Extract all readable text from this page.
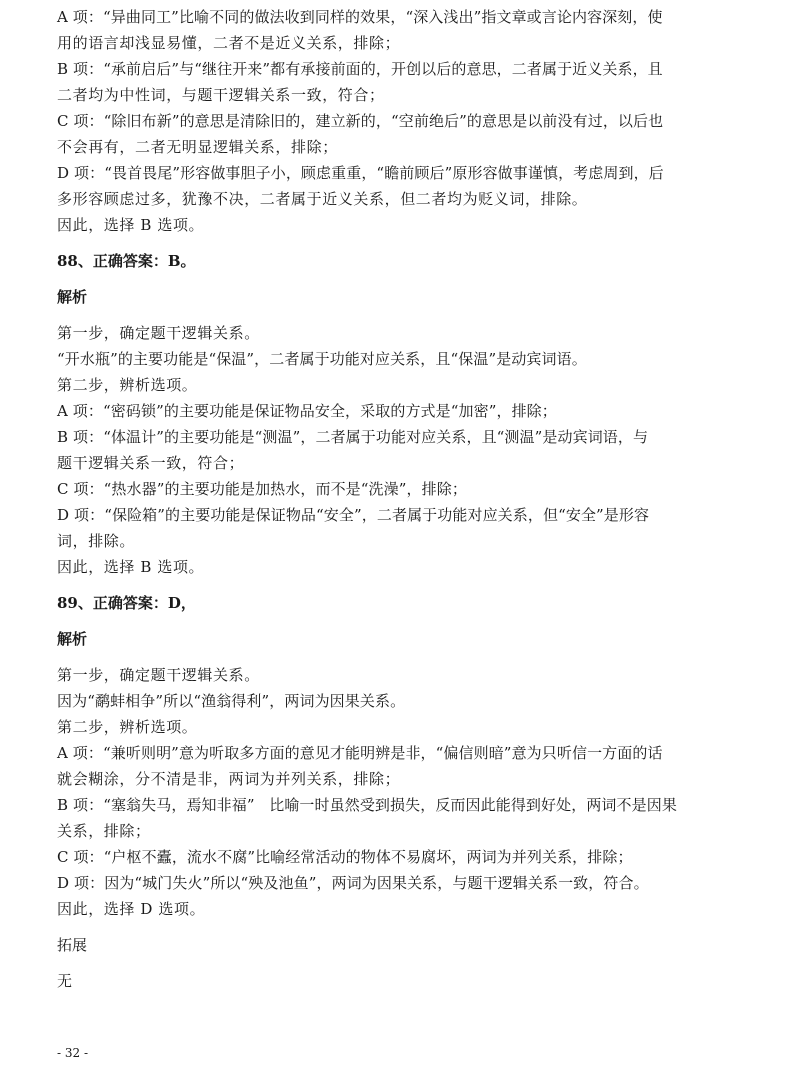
A 项：“异曲同工”比喻不同的做法收到同样的效果，“深入浅出”指文章或言论内容深刻，使
用的语言却浅显易懂，二者不是近义关系，排除；
B 项：“承前启后”与“继往开来”都有承接前面的，开创以后的意思，二者属于近义关系，且
二者均为中性词，与题干逻辑关系一致，符合；
C 项：“除旧布新”的意思是清除旧的，建立新的，“空前绝后”的意思是以前没有过，以后也
不会再有，二者无明显逻辑关系，排除；
D 项：“畏首畏尾”形容做事胆子小，顾虑重重，“瞻前顾后”原形容做事谨慎，考虑周到，后
多形容顾虑过多，犹豫不决，二者属于近义关系，但二者均为贬义词，排除。
因此，选择 B 选项。
88、正确答案：B。
解析
第一步，确定题干逻辑关系。
“开水瓶”的主要功能是“保温”，二者属于功能对应关系，且“保温”是动宾词语。
第二步，辨析选项。
A 项：“密码锁”的主要功能是保证物品安全，采取的方式是“加密”，排除；
B 项：“体温计”的主要功能是“测温”，二者属于功能对应关系，且“测温”是动宾词语，与
题干逻辑关系一致，符合；
C 项：“热水器”的主要功能是加热水，而不是“洗澡”，排除；
D 项：“保险箱”的主要功能是保证物品“安全”，二者属于功能对应关系，但“安全”是形容
词，排除。
因此，选择 B 选项。
89、正确答案：D，
解析
第一步，确定题干逻辑关系。
因为“鹬蚌相争”所以“渔翁得利”，两词为因果关系。
第二步，辨析选项。
A 项：“兼听则明”意为听取多方面的意见才能明辨是非，“偏信则暗”意为只听信一方面的话
就会糊涂，分不清是非，两词为并列关系，排除；
B 项：“塞翁失马，焉知非福”   比喻一时虽然受到损失，反而因此能得到好处，两词不是因果
关系，排除；
C 项：“户枢不蠹，流水不腐”比喻经常活动的物体不易腐坏，两词为并列关系，排除；
D 项：因为“城门失火”所以“殃及池鱼”，两词为因果关系，与题干逻辑关系一致，符合。
因此，选择 D 选项。
拓展
无
- 32 -
